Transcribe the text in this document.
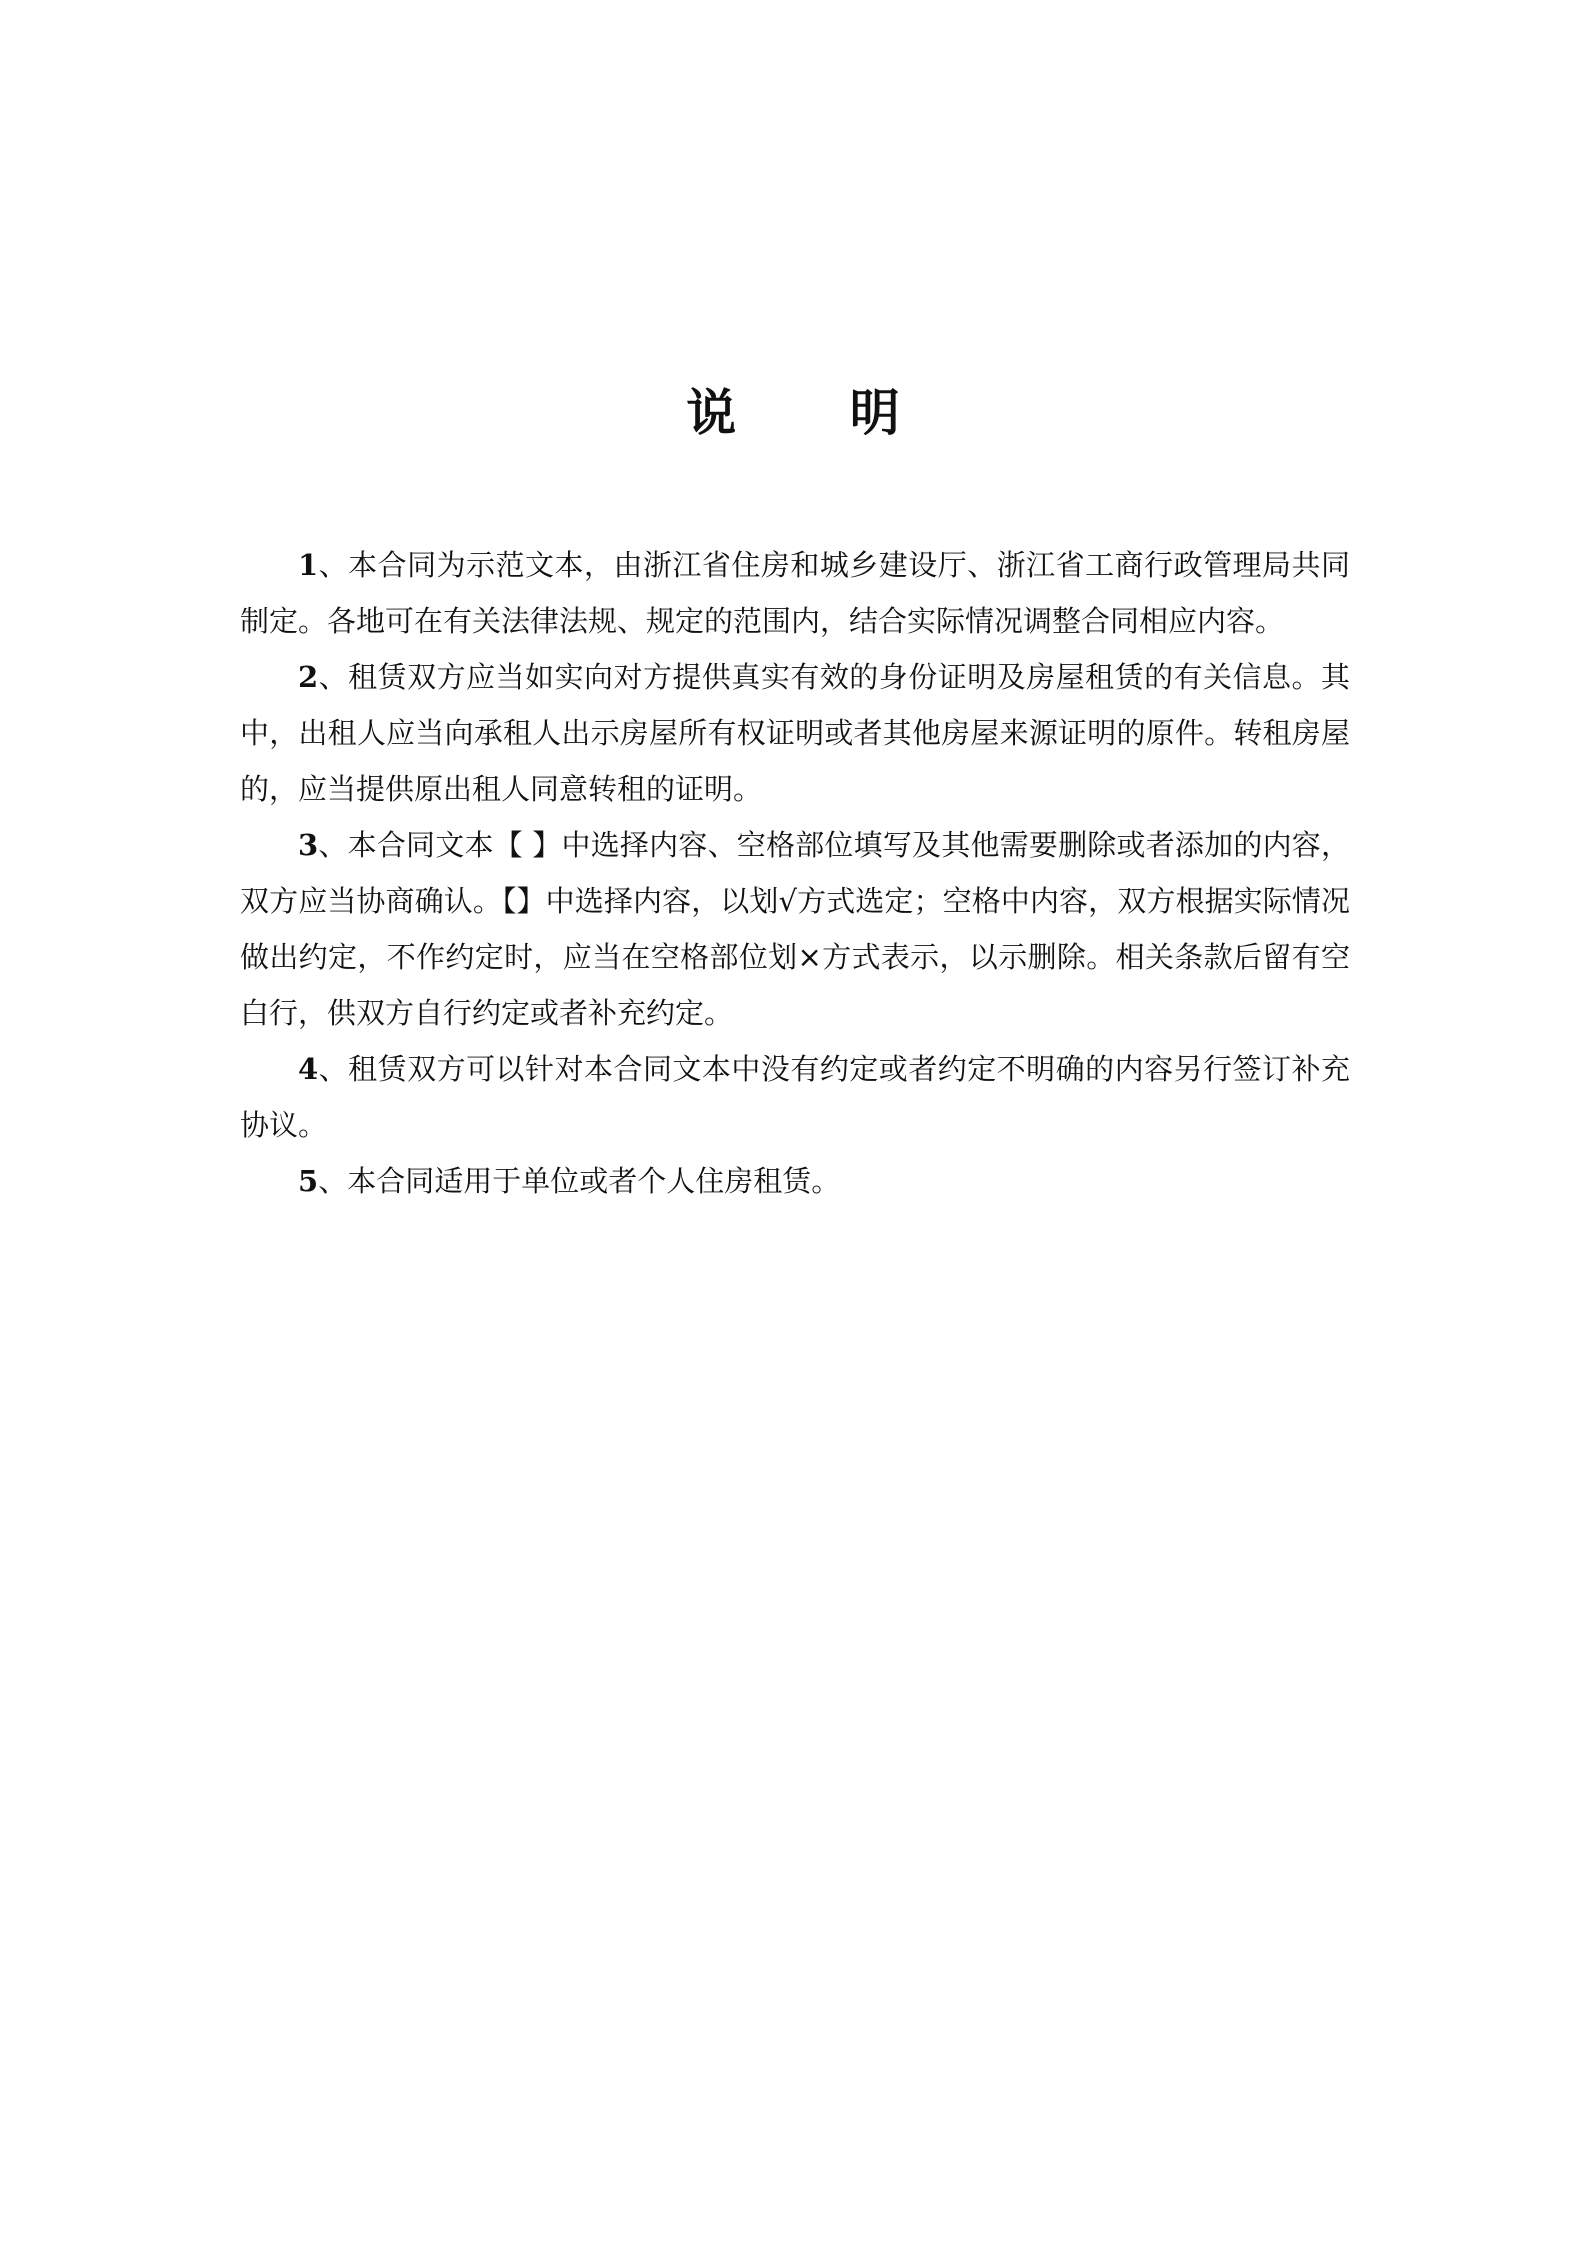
说 明

1、本合同为示范文本，由浙江省住房和城乡建设厅、浙江省工商行政管理局共同制定。各地可在有关法律法规、规定的范围内，结合实际情况调整合同相应内容。

2、租赁双方应当如实向对方提供真实有效的身份证明及房屋租赁的有关信息。其中，出租人应当向承租人出示房屋所有权证明或者其他房屋来源证明的原件。转租房屋的，应当提供原出租人同意转租的证明。

3、本合同文本【 】中选择内容、空格部位填写及其他需要删除或者添加的内容，双方应当协商确认。【】中选择内容，以划√方式选定；空格中内容，双方根据实际情况做出约定，不作约定时，应当在空格部位划×方式表示，以示删除。相关条款后留有空白行，供双方自行约定或者补充约定。

4、租赁双方可以针对本合同文本中没有约定或者约定不明确的内容另行签订补充协议。

5、本合同适用于单位或者个人住房租赁。
